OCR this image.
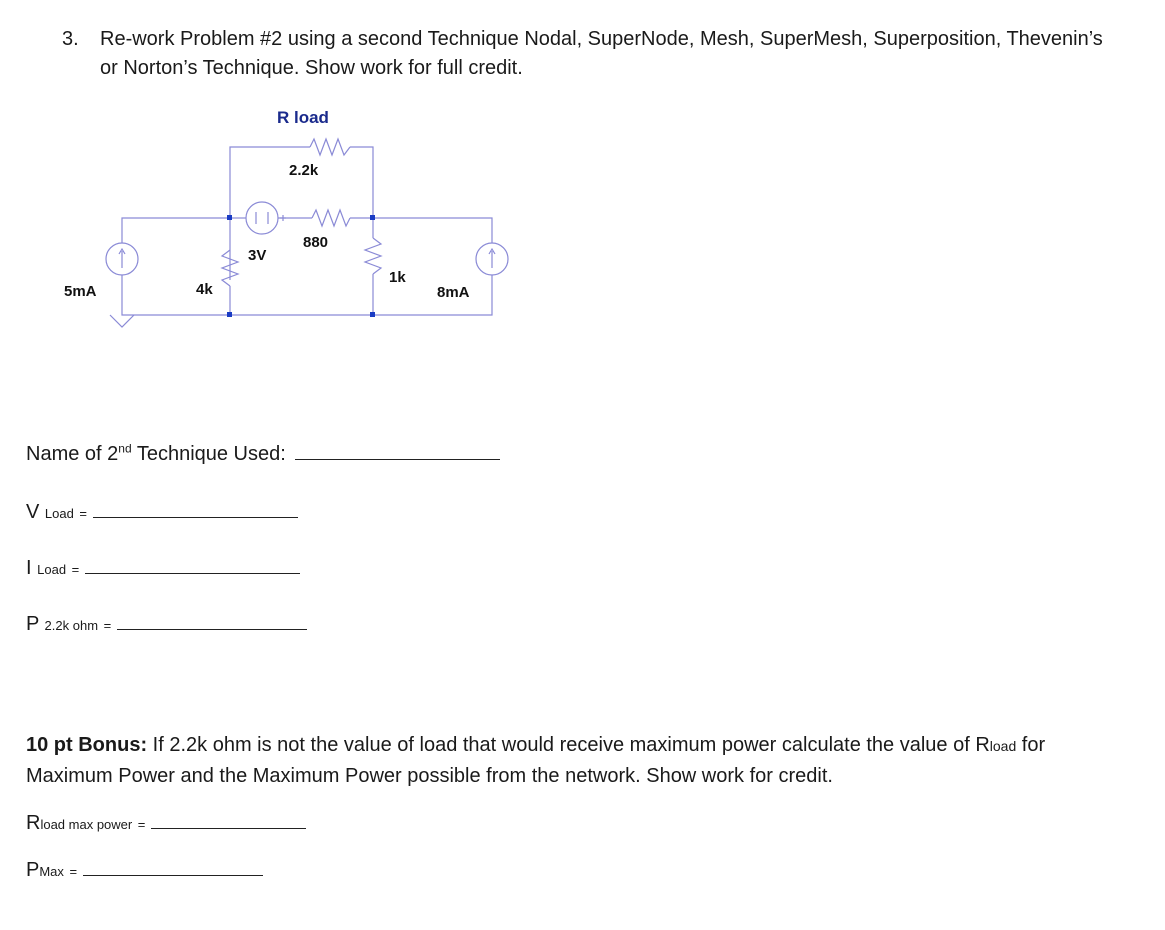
3. Re-work Problem #2 using a second Technique Nodal, SuperNode, Mesh, SuperMesh, Superposition, Thevenin’s
or Norton’s Technique. Show work for full credit.
R load
2.2k
880
3V
1k
4k
5mA	8mA
Name of 2nd Technique Used:
V Load =
I Load =
P 2.2k ohm =
10 pt Bonus: If 2.2k ohm is not the value of load that would receive maximum power calculate the value of Rload for Maximum Power and the Maximum Power possible from the network. Show work for credit.
Rload max power =
PMax =
